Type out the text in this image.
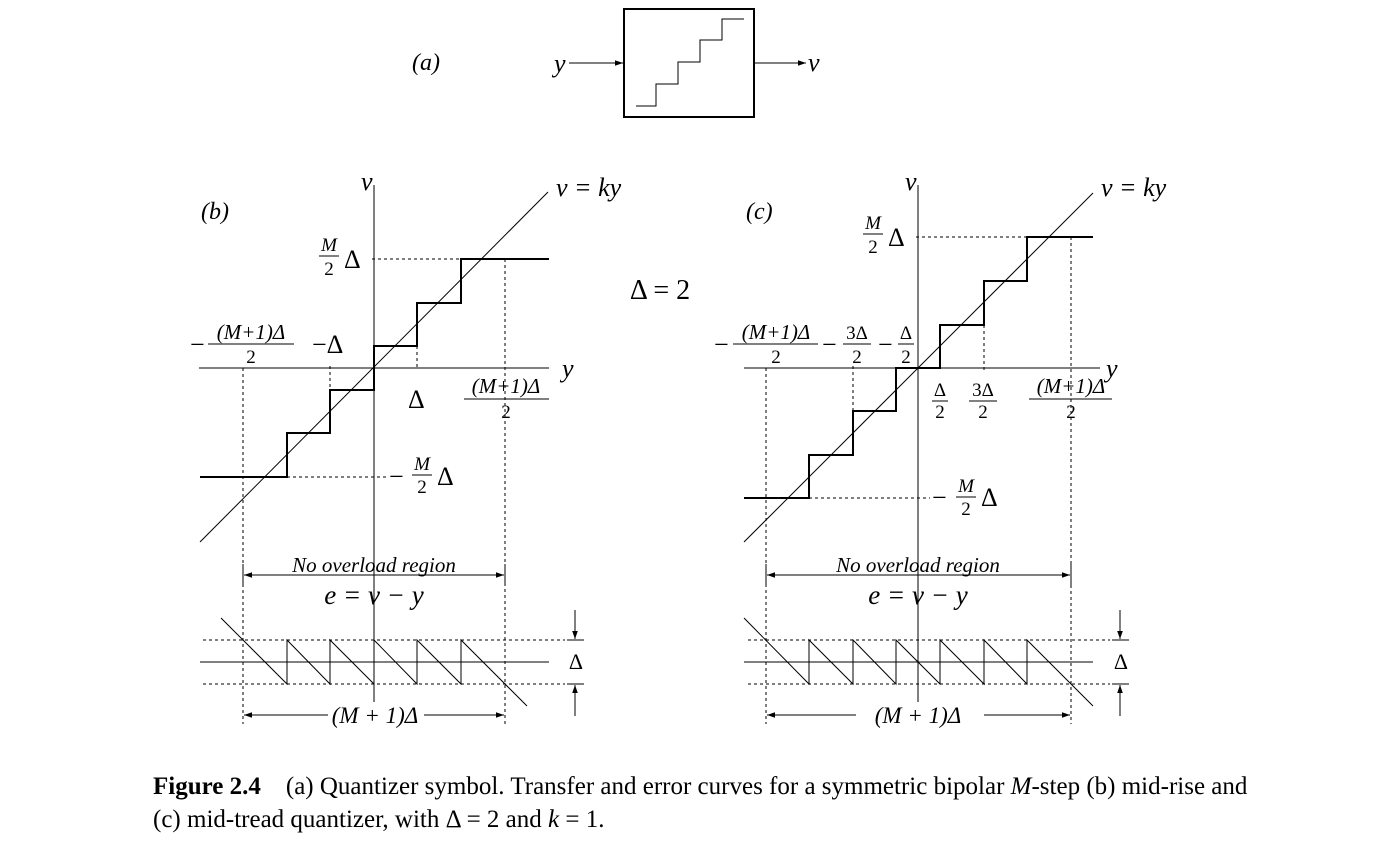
(a)	y	v
(b)
v
y
v = ky
M
2 Δ
− (M+1)Δ
2 −Δ
Δ (M+1)Δ
2
− M
2 Δ
No overload region
e = v − y
Δ
(M + 1)Δ
Δ = 2
(c)
v
y
v = ky
M
2 Δ
− (M+1)Δ
2 − 3Δ
2 − Δ
2
Δ
2
3Δ
2
(M+1)Δ
2
− M
2 Δ
No overload region
e = v − y
Δ
(M + 1)Δ
Figure 2.4 (a) Quantizer symbol. Transfer and error curves for a symmetric bipolar M-step (b) mid-rise and (c) mid-tread quantizer, with Δ = 2 and k = 1.
